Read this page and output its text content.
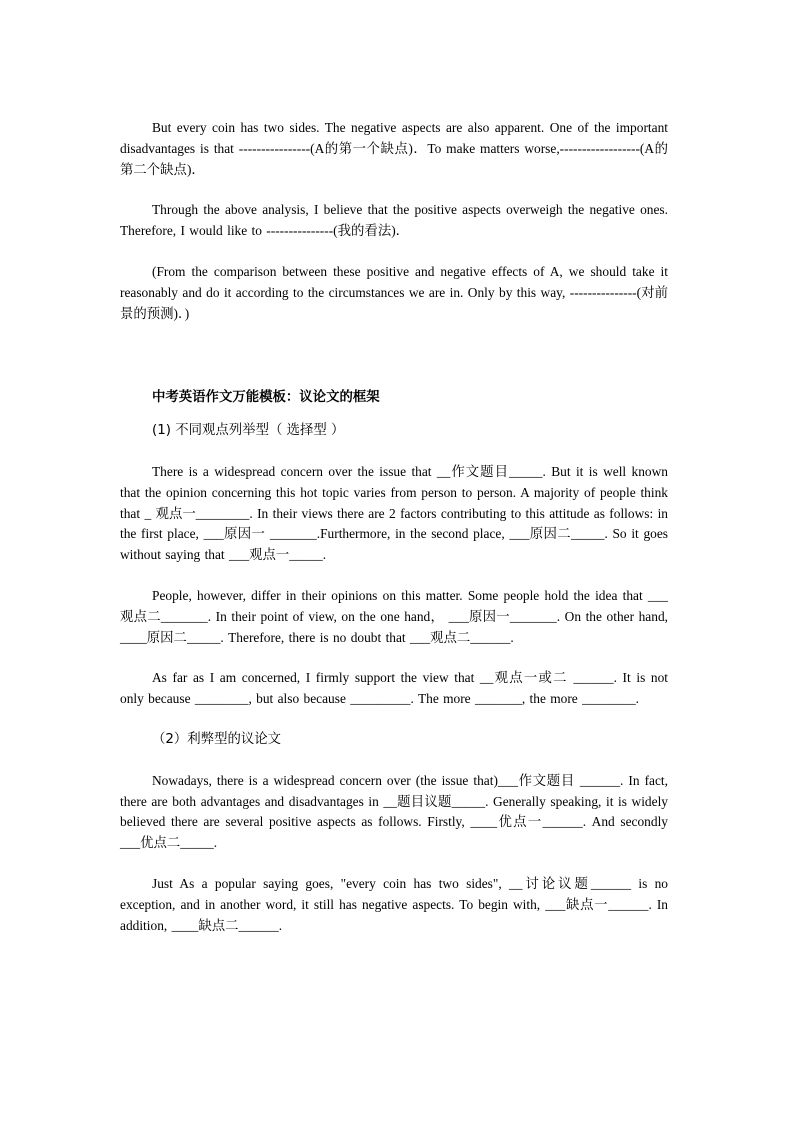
But every coin has two sides. The negative aspects are also apparent. One of the important disadvantages is that ----------------(A的第一个缺点)．To make matters worse,------------------(A的第二个缺点)．

Through the above analysis, I believe that the positive aspects overweigh the negative ones. Therefore, I would like to ---------------(我的看法)．

(From the comparison between these positive and negative effects of A, we should take it reasonably and do it according to the circumstances we are in. Only by this way, ---------------(对前景的预测)．)

中考英语作文万能模板：议论文的框架
(1) 不同观点列举型（ 选择型 ）

There is a widespread concern over the issue that __作文题目_____. But it is well known that the opinion concerning this hot topic varies from person to person. A majority of people think that _ 观点一________. In their views there are 2 factors contributing to this attitude as follows: in the first place, ___原因一 _______.Furthermore, in the second place, ___原因二_____. So it goes without saying that ___观点一_____.

People, however, differ in their opinions on this matter. Some people hold the idea that ___观点二_______. In their point of view, on the one hand， ___原因一_______. On the other hand, ____原因二_____. Therefore, there is no doubt that ___观点二______.

As far as I am concerned, I firmly support the view that __观点一或二 ______. It is not only because ________, but also because _________. The more _______, the more ________.

（2）利弊型的议论文

Nowadays, there is a widespread concern over (the issue that)___作文题目 ______. In fact, there are both advantages and disadvantages in __题目议题_____. Generally speaking, it is widely believed there are several positive aspects as follows. Firstly, ____优点一______. And secondly ___优点二_____.

Just As a popular saying goes, "every coin has two sides", __讨论议题______ is no exception, and in another word, it still has negative aspects. To begin with, ___缺点一______. In addition, ____缺点二______.
